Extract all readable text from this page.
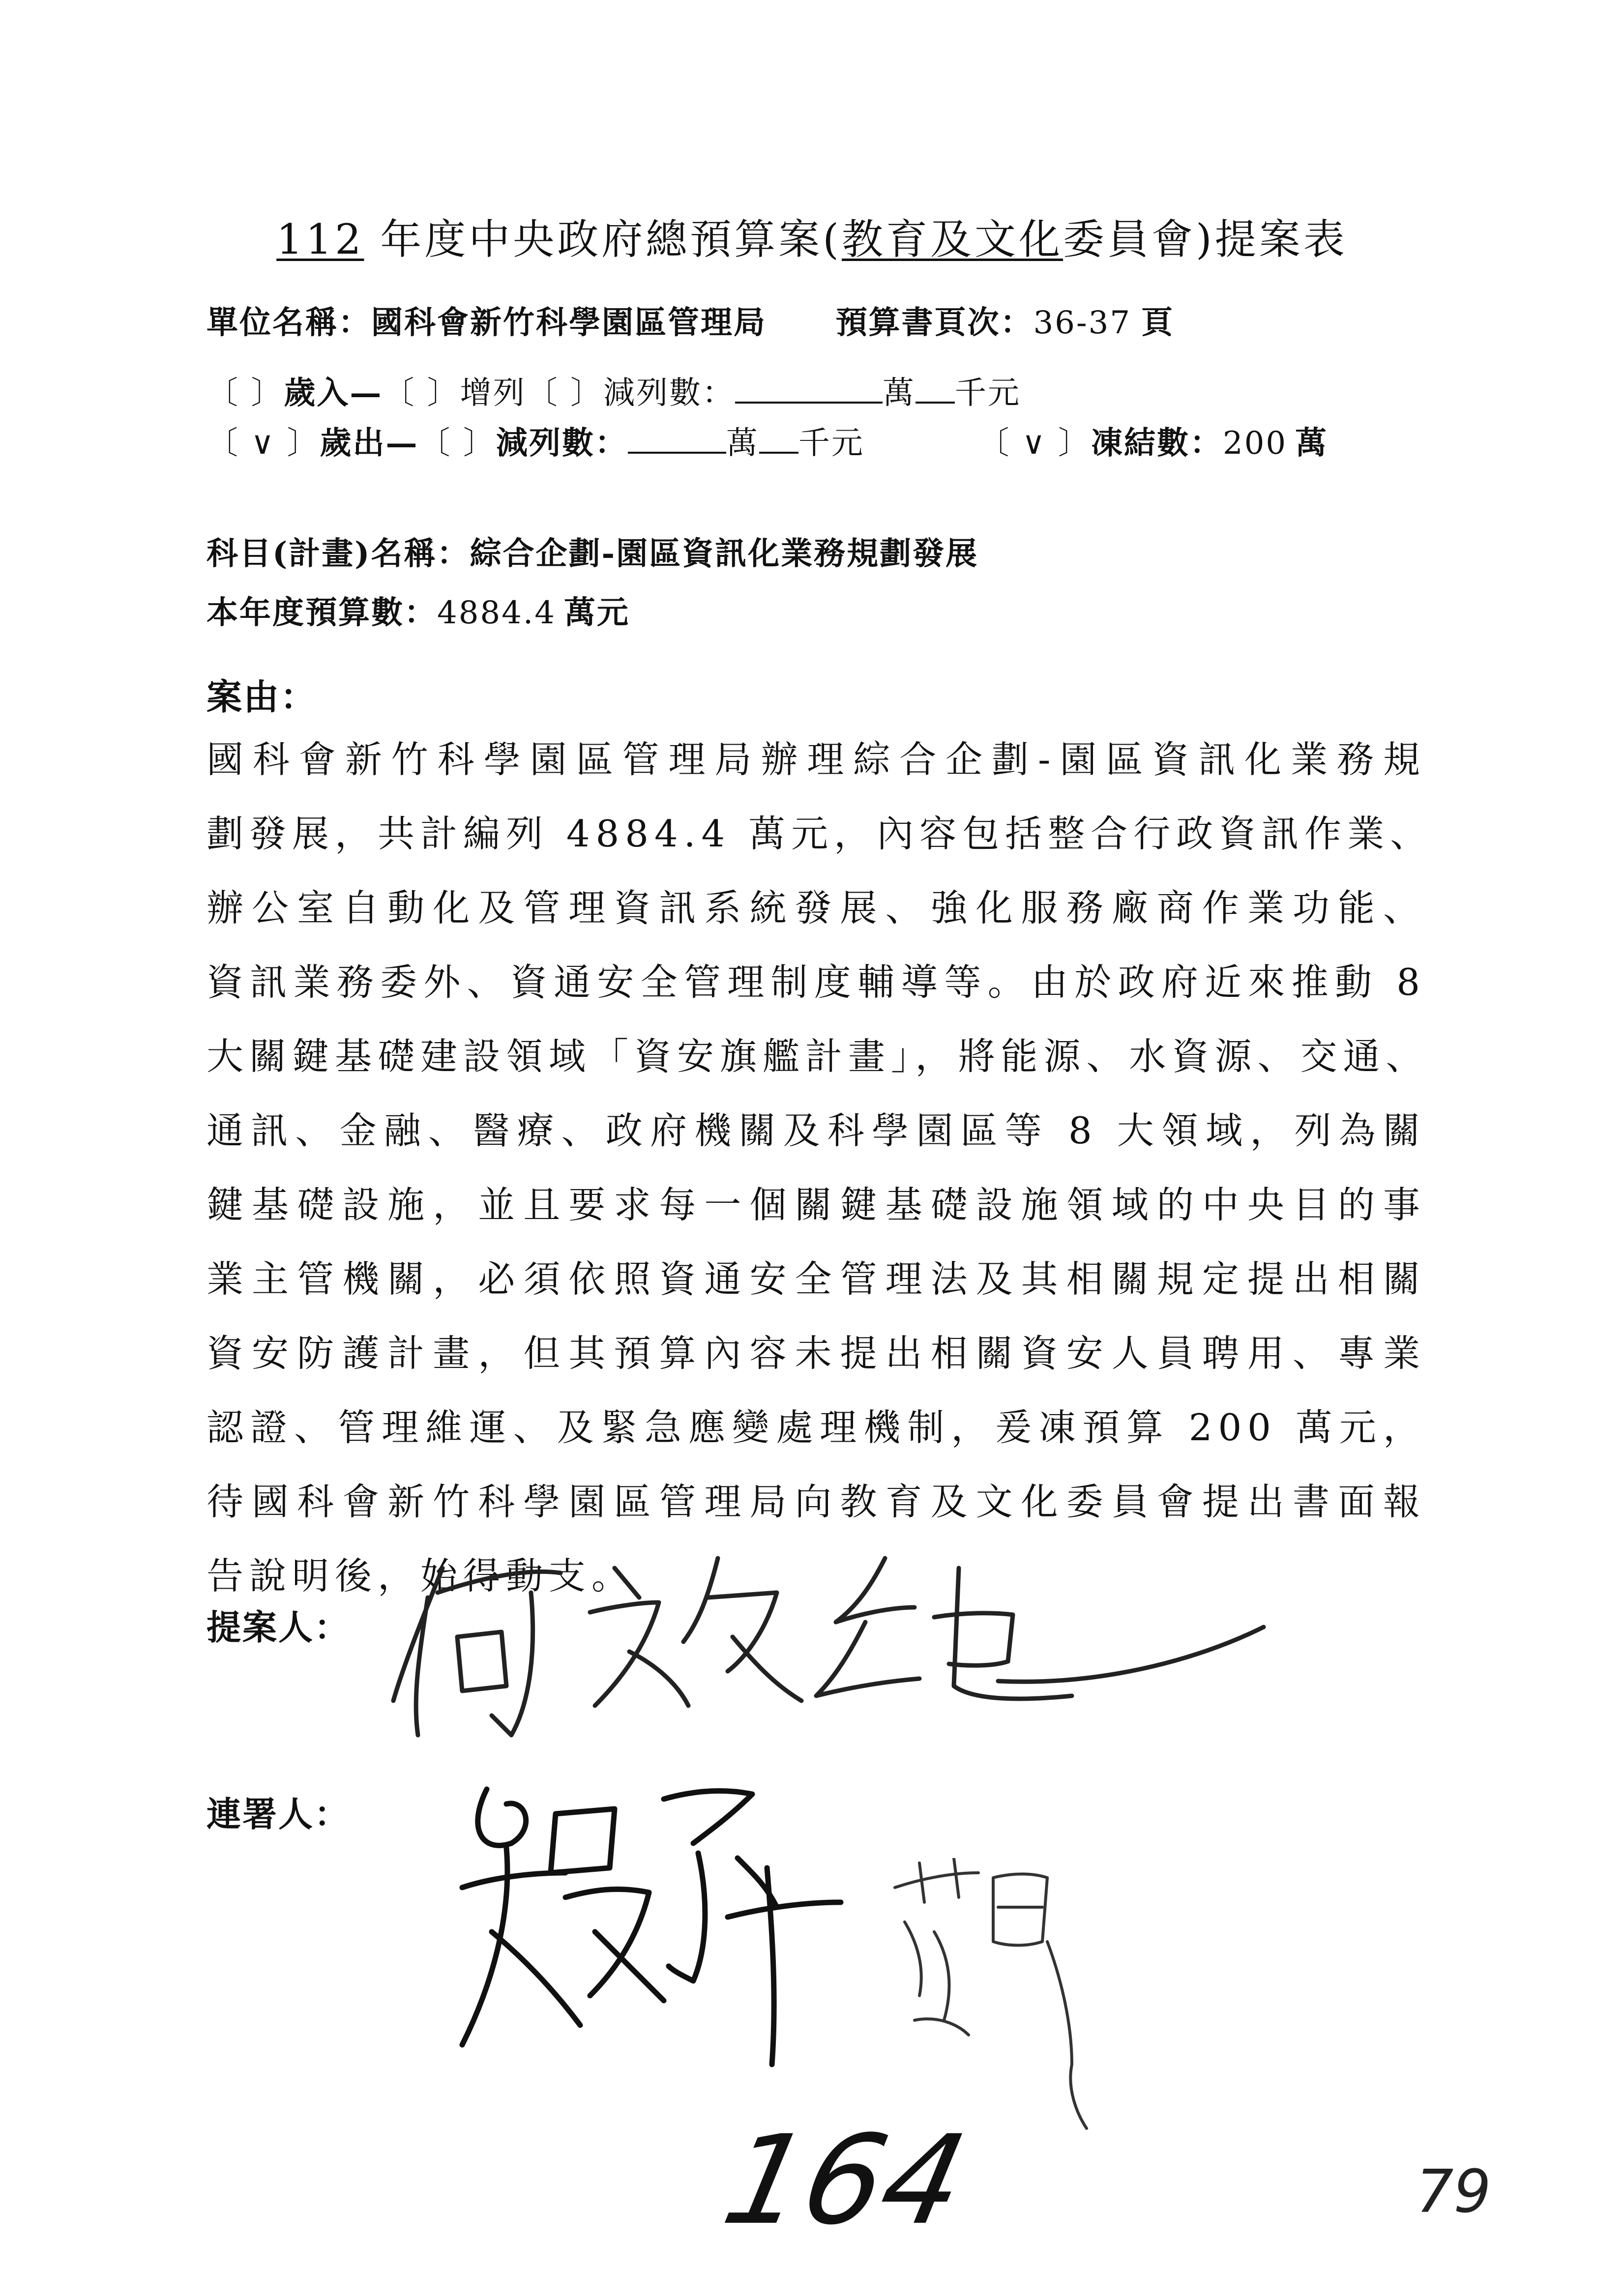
112 年度中央政府總預算案(教育及文化委員會)提案表
單位名稱：國科會新竹科學園區管理局 預算書頁次：36-37 頁
〔 〕歲入—〔 〕增列〔 〕減列數：	萬 千元
〔 ∨ 〕歲出—〔 〕減列數：	萬 千元	〔 ∨ 〕凍結數：200 萬
科目(計畫)名稱：綜合企劃-園區資訊化業務規劃發展
本年度預算數：4884.4 萬元
案由：
國科會新竹科學園區管理局辦理綜合企劃-園區資訊化業務規
劃發展，共計編列 4884.4 萬元，內容包括整合行政資訊作業、
辦公室自動化及管理資訊系統發展、強化服務廠商作業功能、
資訊業務委外、資通安全管理制度輔導等。由於政府近來推動 8
大關鍵基礎建設領域「資安旗艦計畫」，將能源、水資源、交通、
通訊、金融、醫療、政府機關及科學園區等 8 大領域，列為關
鍵基礎設施，並且要求每一個關鍵基礎設施領域的中央目的事
業主管機關，必須依照資通安全管理法及其相關規定提出相關
資安防護計畫，但其預算內容未提出相關資安人員聘用、專業
認證、管理維運、及緊急應變處理機制，爰凍預算 200 萬元，
待國科會新竹科學園區管理局向教育及文化委員會提出書面報
告說明後，始得動支。
提案人：
連署人：
164	79
